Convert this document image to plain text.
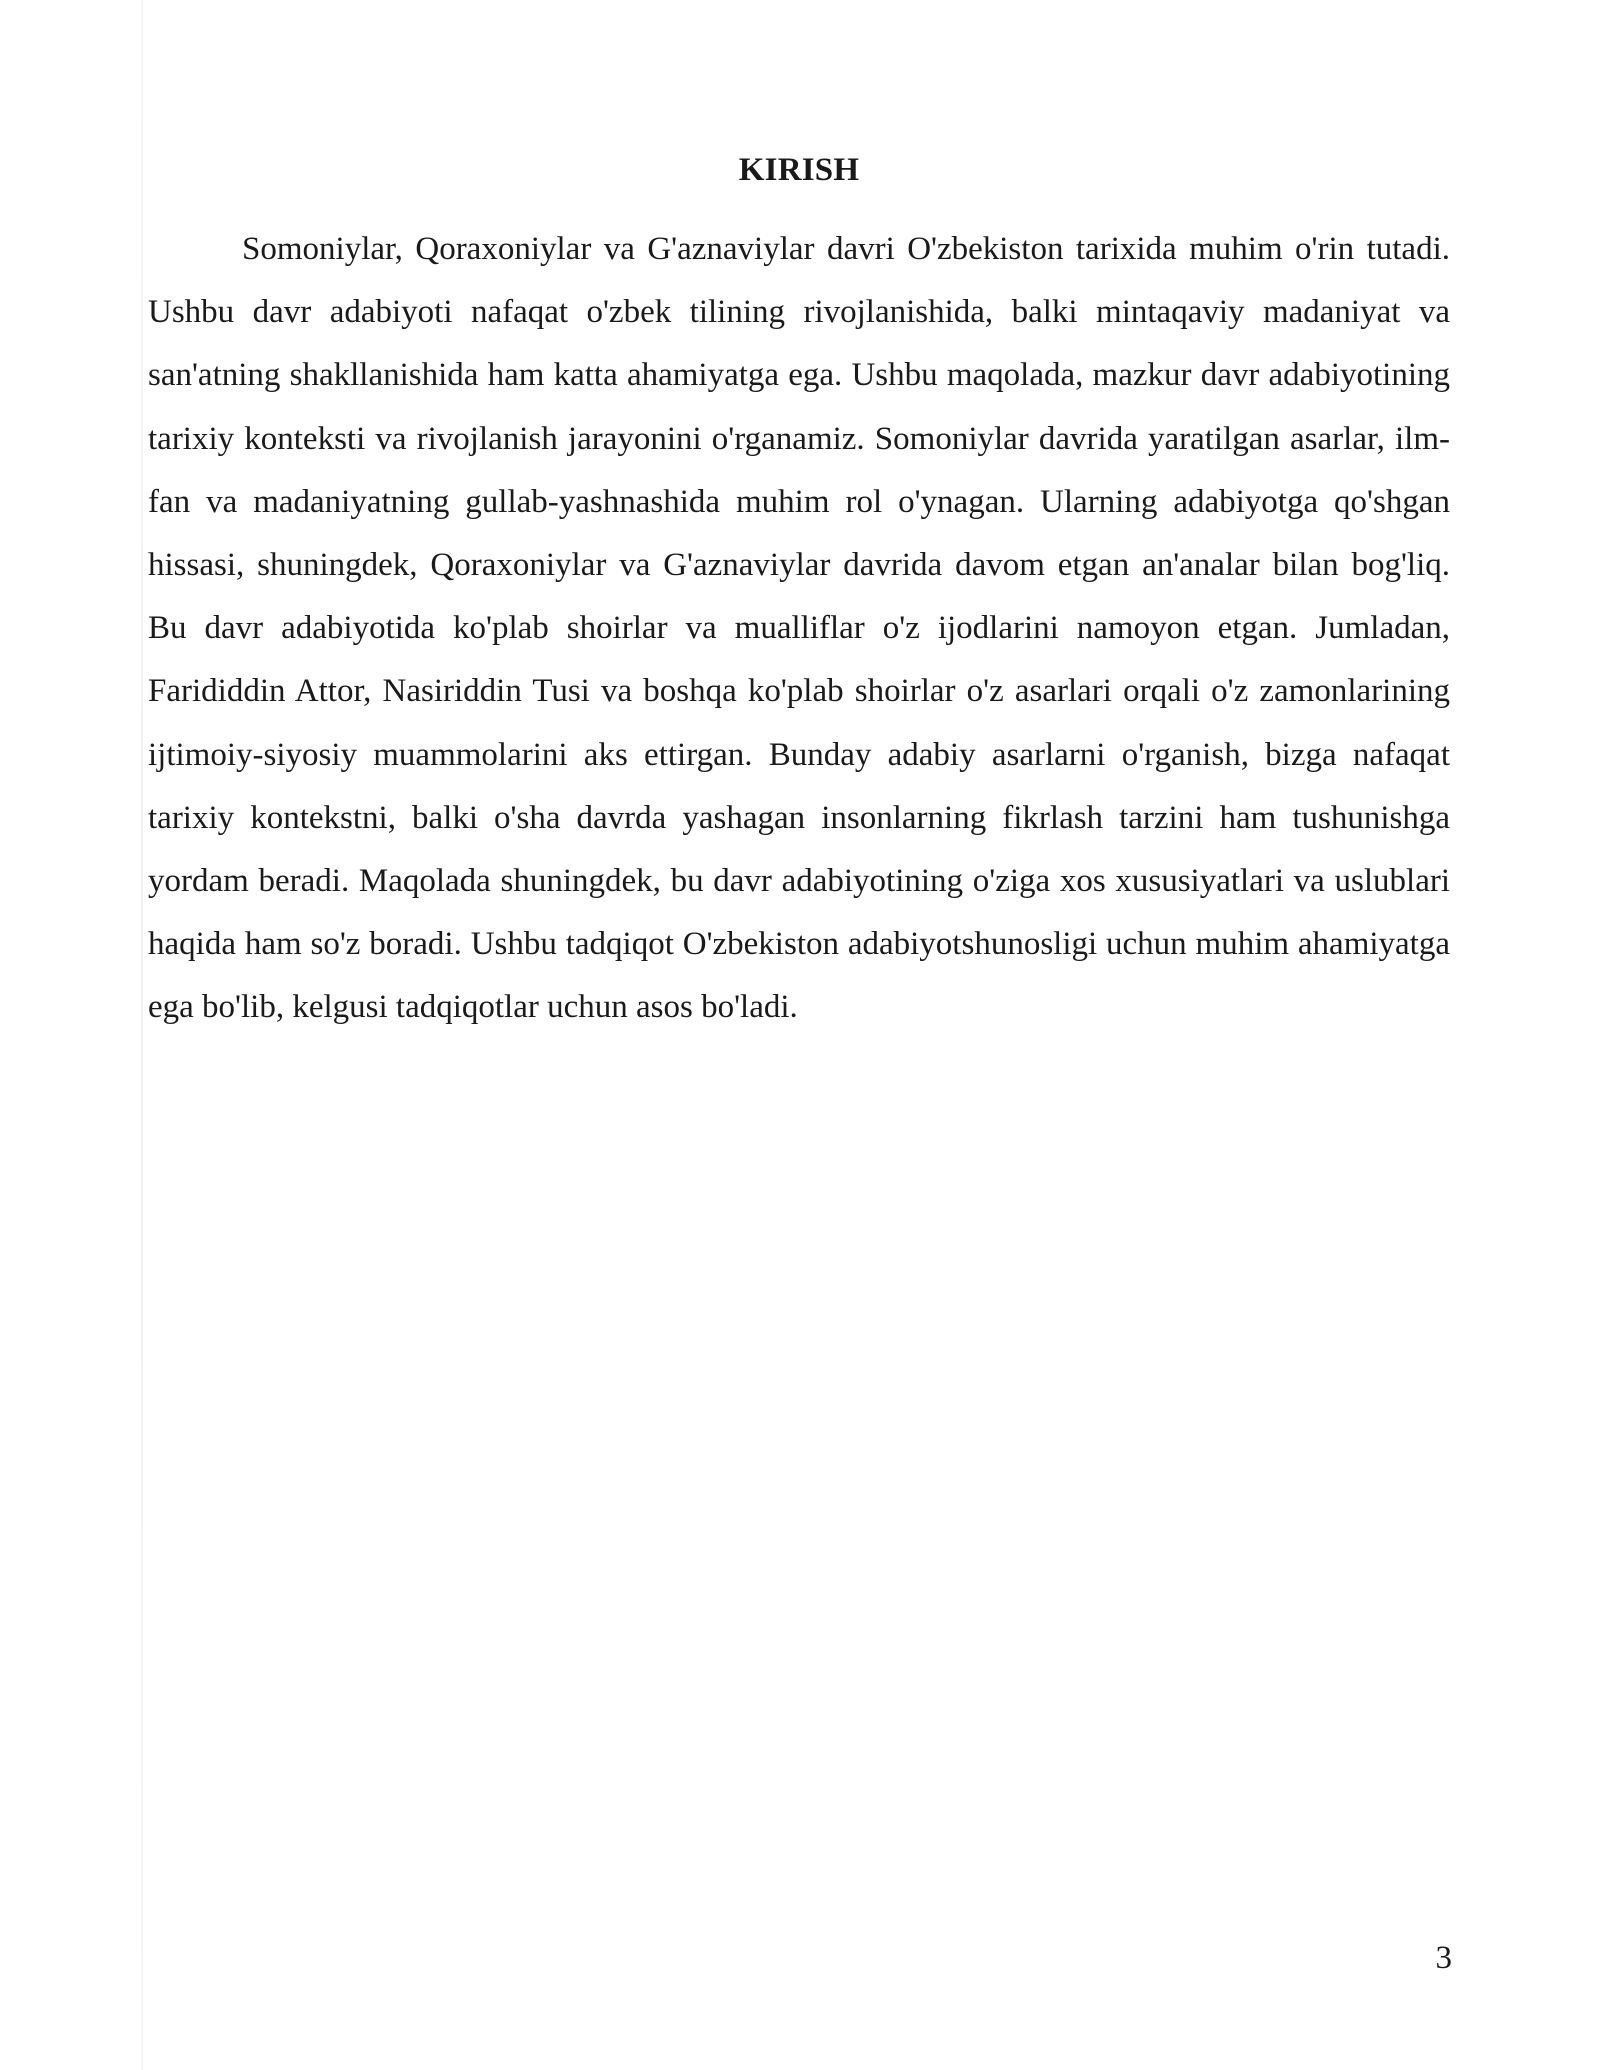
KIRISH

Somoniylar, Qoraxoniylar va G'aznaviylar davri O'zbekiston tarixida muhim o'rin tutadi. Ushbu davr adabiyoti nafaqat o'zbek tilining rivojlanishida, balki mintaqaviy madaniyat va san'atning shakllanishida ham katta ahamiyatga ega. Ushbu maqolada, mazkur davr adabiyotining tarixiy konteksti va rivojlanish jarayonini o'rganamiz. Somoniylar davrida yaratilgan asarlar, ilm-fan va madaniyatning gullab-yashnashida muhim rol o'ynagan. Ularning adabiyotga qo'shgan hissasi, shuningdek, Qoraxoniylar va G'aznaviylar davrida davom etgan an'analar bilan bog'liq. Bu davr adabiyotida ko'plab shoirlar va mualliflar o'z ijodlarini namoyon etgan. Jumladan, Farididdin Attor, Nasiriddin Tusi va boshqa ko'plab shoirlar o'z asarlari orqali o'z zamonlarining ijtimoiy-siyosiy muammolarini aks ettirgan. Bunday adabiy asarlarni o'rganish, bizga nafaqat tarixiy kontekstni, balki o'sha davrda yashagan insonlarning fikrlash tarzini ham tushunishga yordam beradi. Maqolada shuningdek, bu davr adabiyotining o'ziga xos xususiyatlari va uslublari haqida ham so'z boradi. Ushbu tadqiqot O'zbekiston adabiyotshunosligi uchun muhim ahamiyatga ega bo'lib, kelgusi tadqiqotlar uchun asos bo'ladi.

3
